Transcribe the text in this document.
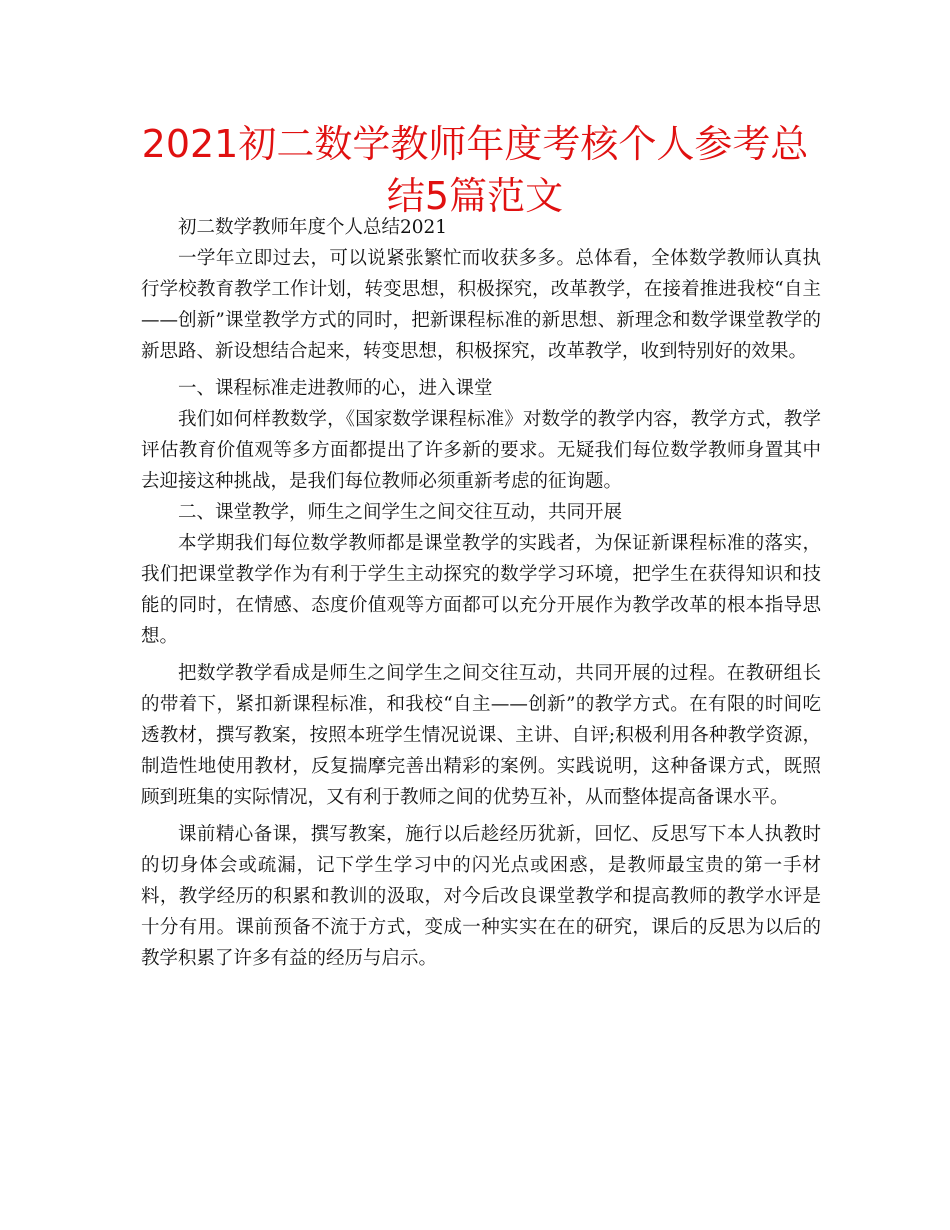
2021初二数学教师年度考核个人参考总结5篇范文

初二数学教师年度个人总结2021

一学年立即过去，可以说紧张繁忙而收获多多。总体看，全体数学教师认真执行学校教育教学工作计划，转变思想，积极探究，改革教学，在接着推进我校“自主——创新”课堂教学方式的同时，把新课程标准的新思想、新理念和数学课堂教学的新思路、新设想结合起来，转变思想，积极探究，改革教学，收到特别好的效果。

一、课程标准走进教师的心，进入课堂

我们如何样教数学，《国家数学课程标准》对数学的教学内容，教学方式，教学评估教育价值观等多方面都提出了许多新的要求。无疑我们每位数学教师身置其中去迎接这种挑战，是我们每位教师必须重新考虑的征询题。

二、课堂教学，师生之间学生之间交往互动，共同开展

本学期我们每位数学教师都是课堂教学的实践者，为保证新课程标准的落实，我们把课堂教学作为有利于学生主动探究的数学学习环境，把学生在获得知识和技能的同时，在情感、态度价值观等方面都可以充分开展作为教学改革的根本指导思想。

把数学教学看成是师生之间学生之间交往互动，共同开展的过程。在教研组长的带着下，紧扣新课程标准，和我校“自主——创新”的教学方式。在有限的时间吃透教材，撰写教案，按照本班学生情况说课、主讲、自评;积极利用各种教学资源，制造性地使用教材，反复揣摩完善出精彩的案例。实践说明，这种备课方式，既照顾到班集的实际情况，又有利于教师之间的优势互补，从而整体提高备课水平。

课前精心备课，撰写教案，施行以后趁经历犹新，回忆、反思写下本人执教时的切身体会或疏漏，记下学生学习中的闪光点或困惑，是教师最宝贵的第一手材料，教学经历的积累和教训的汲取，对今后改良课堂教学和提高教师的教学水评是十分有用。课前预备不流于方式，变成一种实实在在的研究，课后的反思为以后的教学积累了许多有益的经历与启示。
